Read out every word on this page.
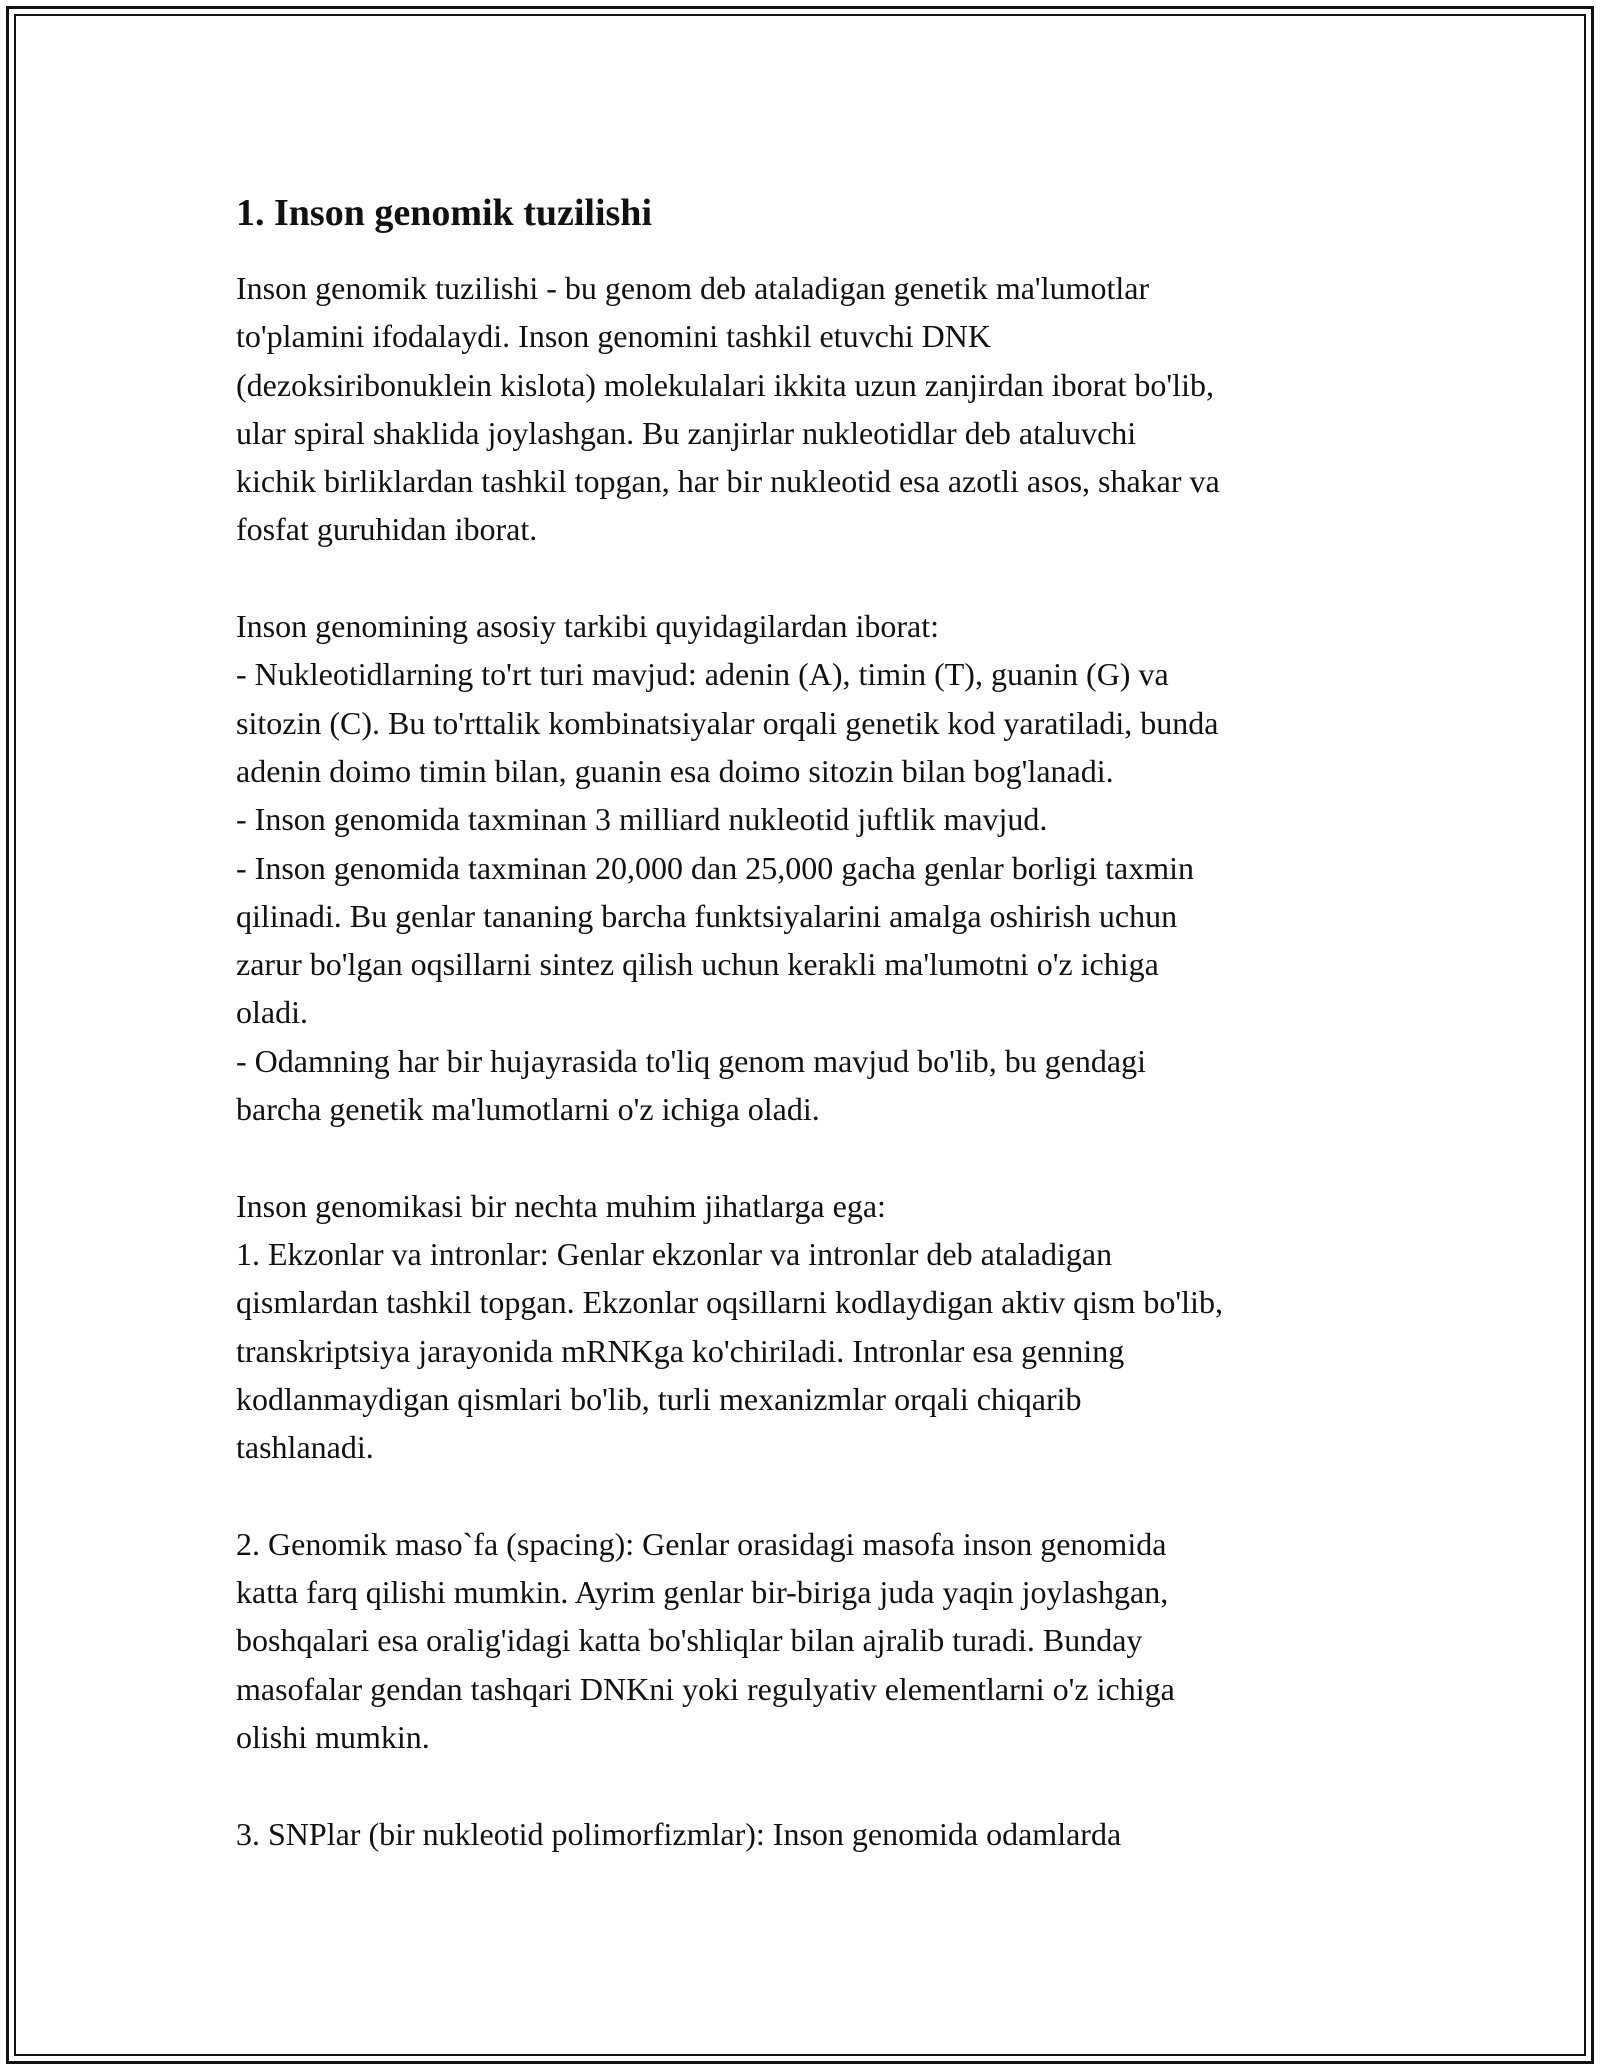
1. Inson genomik tuzilishi
Inson genomik tuzilishi - bu genom deb ataladigan genetik ma'lumotlar
to'plamini ifodalaydi. Inson genomini tashkil etuvchi DNK
(dezoksiribonuklein kislota) molekulalari ikkita uzun zanjirdan iborat bo'lib,
ular spiral shaklida joylashgan. Bu zanjirlar nukleotidlar deb ataluvchi
kichik birliklardan tashkil topgan, har bir nukleotid esa azotli asos, shakar va
fosfat guruhidan iborat.
Inson genomining asosiy tarkibi quyidagilardan iborat:
- Nukleotidlarning to'rt turi mavjud: adenin (A), timin (T), guanin (G) va
sitozin (C). Bu to'rttalik kombinatsiyalar orqali genetik kod yaratiladi, bunda
adenin doimo timin bilan, guanin esa doimo sitozin bilan bog'lanadi.
- Inson genomida taxminan 3 milliard nukleotid juftlik mavjud.
- Inson genomida taxminan 20,000 dan 25,000 gacha genlar borligi taxmin
qilinadi. Bu genlar tananing barcha funktsiyalarini amalga oshirish uchun
zarur bo'lgan oqsillarni sintez qilish uchun kerakli ma'lumotni o'z ichiga
oladi.
- Odamning har bir hujayrasida to'liq genom mavjud bo'lib, bu gendagi
barcha genetik ma'lumotlarni o'z ichiga oladi.
Inson genomikasi bir nechta muhim jihatlarga ega:
1. Ekzonlar va intronlar: Genlar ekzonlar va intronlar deb ataladigan
qismlardan tashkil topgan. Ekzonlar oqsillarni kodlaydigan aktiv qism bo'lib,
transkriptsiya jarayonida mRNKga ko'chiriladi. Intronlar esa genning
kodlanmaydigan qismlari bo'lib, turli mexanizmlar orqali chiqarib
tashlanadi.
2. Genomik maso`fa (spacing): Genlar orasidagi masofa inson genomida
katta farq qilishi mumkin. Ayrim genlar bir-biriga juda yaqin joylashgan,
boshqalari esa oralig'idagi katta bo'shliqlar bilan ajralib turadi. Bunday
masofalar gendan tashqari DNKni yoki regulyativ elementlarni o'z ichiga
olishi mumkin.
3. SNPlar (bir nukleotid polimorfizmlar): Inson genomida odamlarda
